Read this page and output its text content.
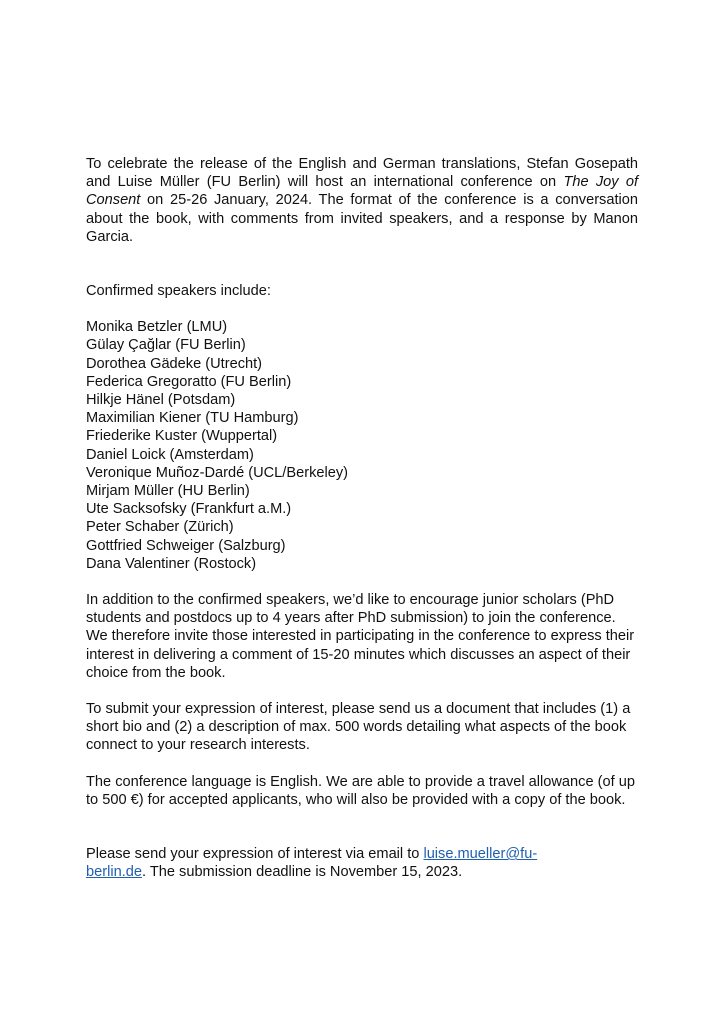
To celebrate the release of the English and German translations, Stefan Gosepath and Luise Müller (FU Berlin) will host an international conference on The Joy of Consent on 25-26 January, 2024. The format of the conference is a conversation about the book, with comments from invited speakers, and a response by Manon Garcia.

Confirmed speakers include:

Monika Betzler (LMU)
Gülay Çağlar (FU Berlin)
Dorothea Gädeke (Utrecht)
Federica Gregoratto (FU Berlin)
Hilkje Hänel (Potsdam)
Maximilian Kiener (TU Hamburg)
Friederike Kuster (Wuppertal)
Daniel Loick (Amsterdam)
Veronique Muñoz-Dardé (UCL/Berkeley)
Mirjam Müller (HU Berlin)
Ute Sacksofsky (Frankfurt a.M.)
Peter Schaber (Zürich)
Gottfried Schweiger (Salzburg)
Dana Valentiner (Rostock)

In addition to the confirmed speakers, we’d like to encourage junior scholars (PhD students and postdocs up to 4 years after PhD submission) to join the conference. We therefore invite those interested in participating in the conference to express their interest in delivering a comment of 15-20 minutes which discusses an aspect of their choice from the book.

To submit your expression of interest, please send us a document that includes (1) a short bio and (2) a description of max. 500 words detailing what aspects of the book connect to your research interests.

The conference language is English. We are able to provide a travel allowance (of up to 500 €) for accepted applicants, who will also be provided with a copy of the book.

Please send your expression of interest via email to luise.mueller@fu-
berlin.de. The submission deadline is November 15, 2023.
